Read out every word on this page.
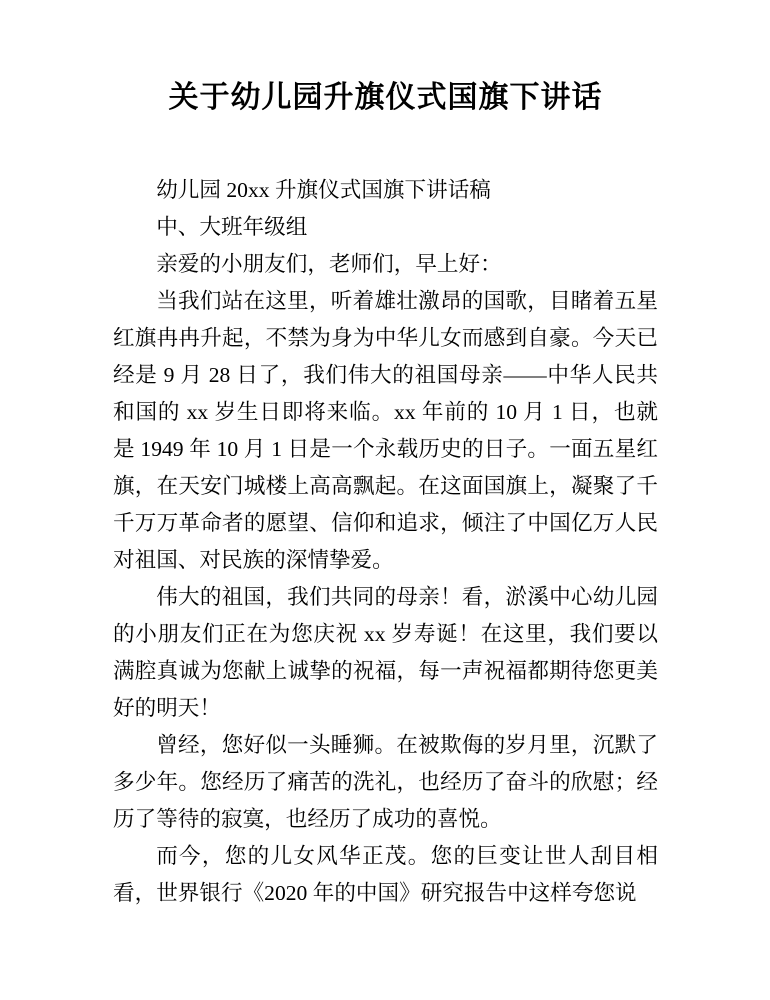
关于幼儿园升旗仪式国旗下讲话

幼儿园 20xx 升旗仪式国旗下讲话稿

中、大班年级组

亲爱的小朋友们，老师们，早上好：

当我们站在这里，听着雄壮激昂的国歌，目睹着五星红旗冉冉升起，不禁为身为中华儿女而感到自豪。今天已经是 9 月 28 日了，我们伟大的祖国母亲——中华人民共和国的 xx 岁生日即将来临。xx 年前的 10 月 1 日，也就是 1949 年 10 月 1 日是一个永载历史的日子。一面五星红旗，在天安门城楼上高高飘起。在这面国旗上，凝聚了千千万万革命者的愿望、信仰和追求，倾注了中国亿万人民对祖国、对民族的深情挚爱。

伟大的祖国，我们共同的母亲！看，淤溪中心幼儿园的小朋友们正在为您庆祝 xx 岁寿诞！在这里，我们要以满腔真诚为您献上诚挚的祝福，每一声祝福都期待您更美好的明天！

曾经，您好似一头睡狮。在被欺侮的岁月里，沉默了多少年。您经历了痛苦的洗礼，也经历了奋斗的欣慰；经历了等待的寂寞，也经历了成功的喜悦。

而今，您的儿女风华正茂。您的巨变让世人刮目相看，世界银行《2020 年的中国》研究报告中这样夸您说
